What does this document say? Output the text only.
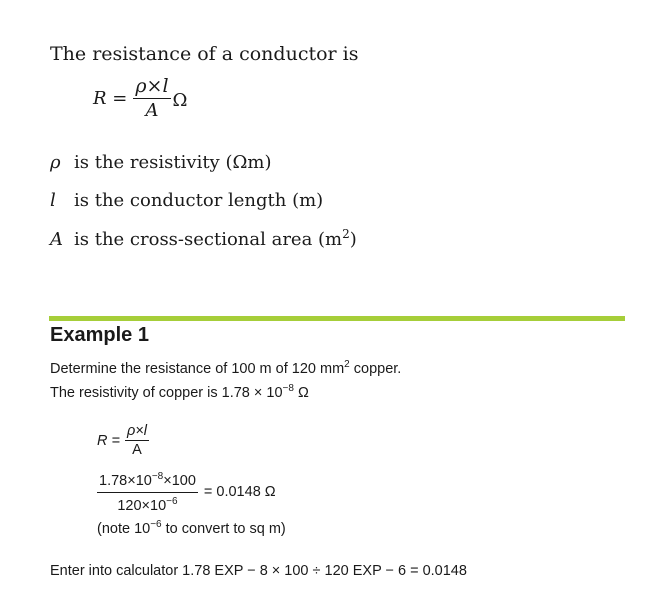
The resistance of a conductor is
$R = \frac{\rho\times l}{A}$ Ω
ρ is the resistivity (Ωm)
l	is the conductor length (m)
A is the cross-sectional area $(m^2)$
Example 1
Determine the resistance of 100 m of 120 $mm^2$ copper.
The resistivity of copper is $1.78 \times 10^{-8}$ Ω
$R = \frac{\rho\times l}{A}$
$\frac{1.78\times 10^{-8}\times 100}{120\times 10^{-6}} = 0.0148$ Ω
(note $10^{-6}$ to convert to sq m)
Enter into calculator 1.78 EXP − 8 × 100 ÷ 120 EXP − 6 = 0.0148
